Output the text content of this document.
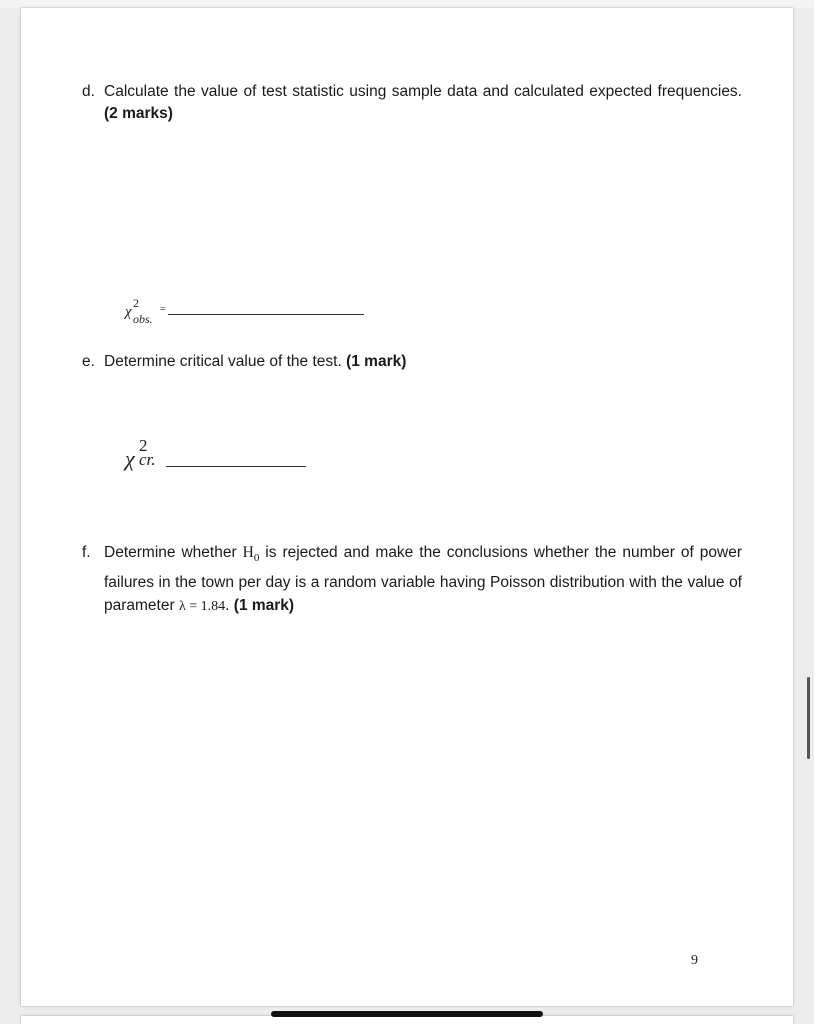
d. Calculate the value of test statistic using sample data and calculated expected frequencies. (2 marks)
χ
2
obs.
=
e. Determine critical value of the test. (1 mark)
χ
2
cr.
f. Determine whether $H_0$ is rejected and make the conclusions whether the number of power failures in the town per day is a random variable having Poisson distribution with the value of parameter λ = 1.84. (1 mark)
9
